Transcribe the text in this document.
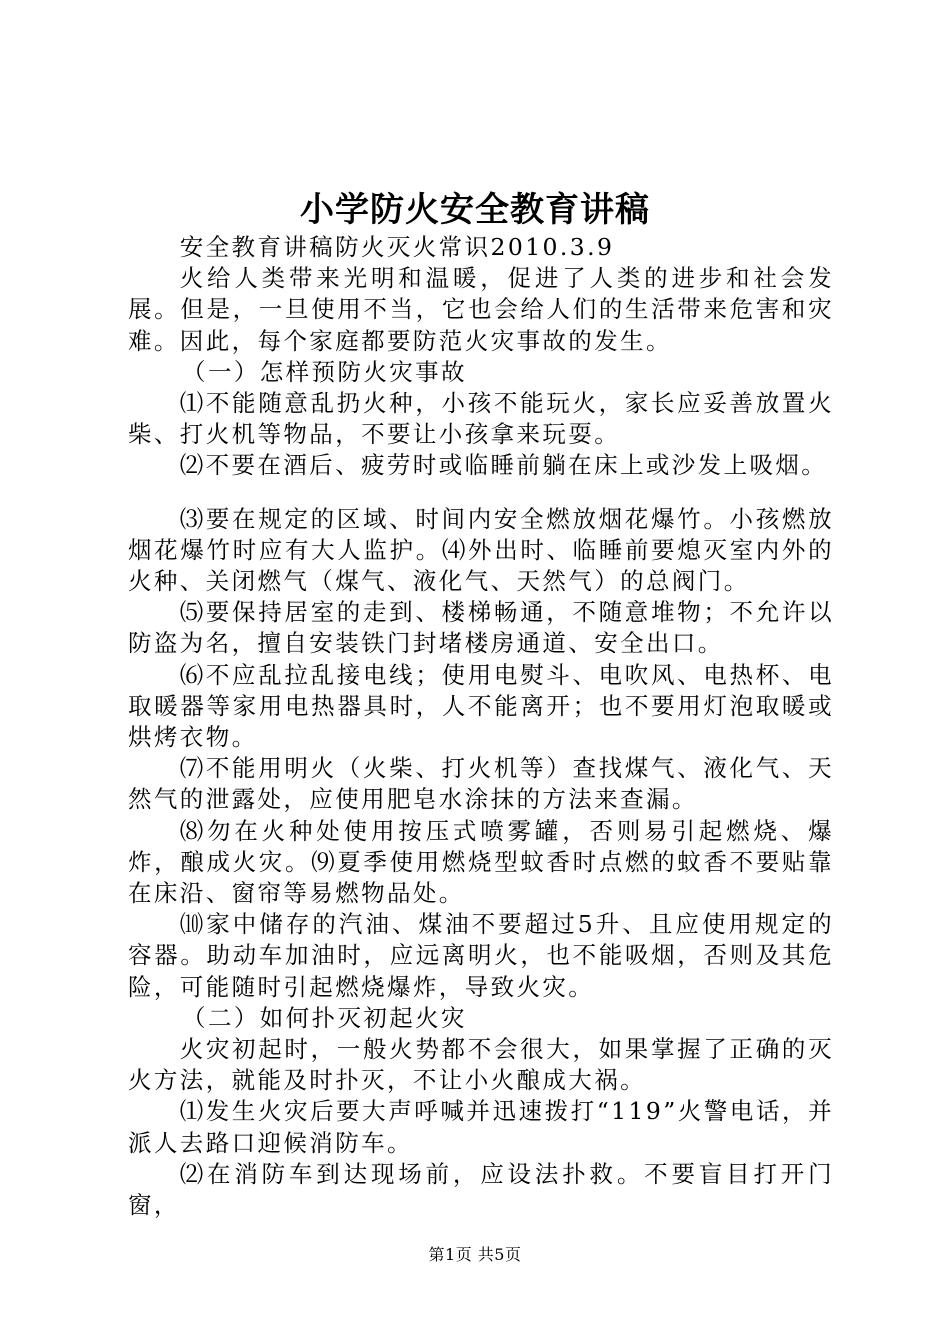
小学防火安全教育讲稿

安全教育讲稿防火灭火常识2010.3.9

火给人类带来光明和温暖，促进了人类的进步和社会发展。但是，一旦使用不当，它也会给人们的生活带来危害和灾难。因此，每个家庭都要防范火灾事故的发生。

（一）怎样预防火灾事故

⑴不能随意乱扔火种，小孩不能玩火，家长应妥善放置火柴、打火机等物品，不要让小孩拿来玩耍。

⑵不要在酒后、疲劳时或临睡前躺在床上或沙发上吸烟。

⑶要在规定的区域、时间内安全燃放烟花爆竹。小孩燃放烟花爆竹时应有大人监护。⑷外出时、临睡前要熄灭室内外的火种、关闭燃气（煤气、液化气、天然气）的总阀门。

⑸要保持居室的走到、楼梯畅通，不随意堆物；不允许以防盗为名，擅自安装铁门封堵楼房通道、安全出口。

⑹不应乱拉乱接电线；使用电熨斗、电吹风、电热杯、电取暖器等家用电热器具时，人不能离开；也不要用灯泡取暖或烘烤衣物。

⑺不能用明火（火柴、打火机等）查找煤气、液化气、天然气的泄露处，应使用肥皂水涂抹的方法来查漏。

⑻勿在火种处使用按压式喷雾罐，否则易引起燃烧、爆炸，酿成火灾。⑼夏季使用燃烧型蚊香时点燃的蚊香不要贴靠在床沿、窗帘等易燃物品处。

⑽家中储存的汽油、煤油不要超过5升、且应使用规定的容器。助动车加油时，应远离明火，也不能吸烟，否则及其危险，可能随时引起燃烧爆炸，导致火灾。

（二）如何扑灭初起火灾

火灾初起时，一般火势都不会很大，如果掌握了正确的灭火方法，就能及时扑灭，不让小火酿成大祸。

⑴发生火灾后要大声呼喊并迅速拨打“119”火警电话，并派人去路口迎候消防车。

⑵在消防车到达现场前，应设法扑救。不要盲目打开门窗，

第1页 共5页
